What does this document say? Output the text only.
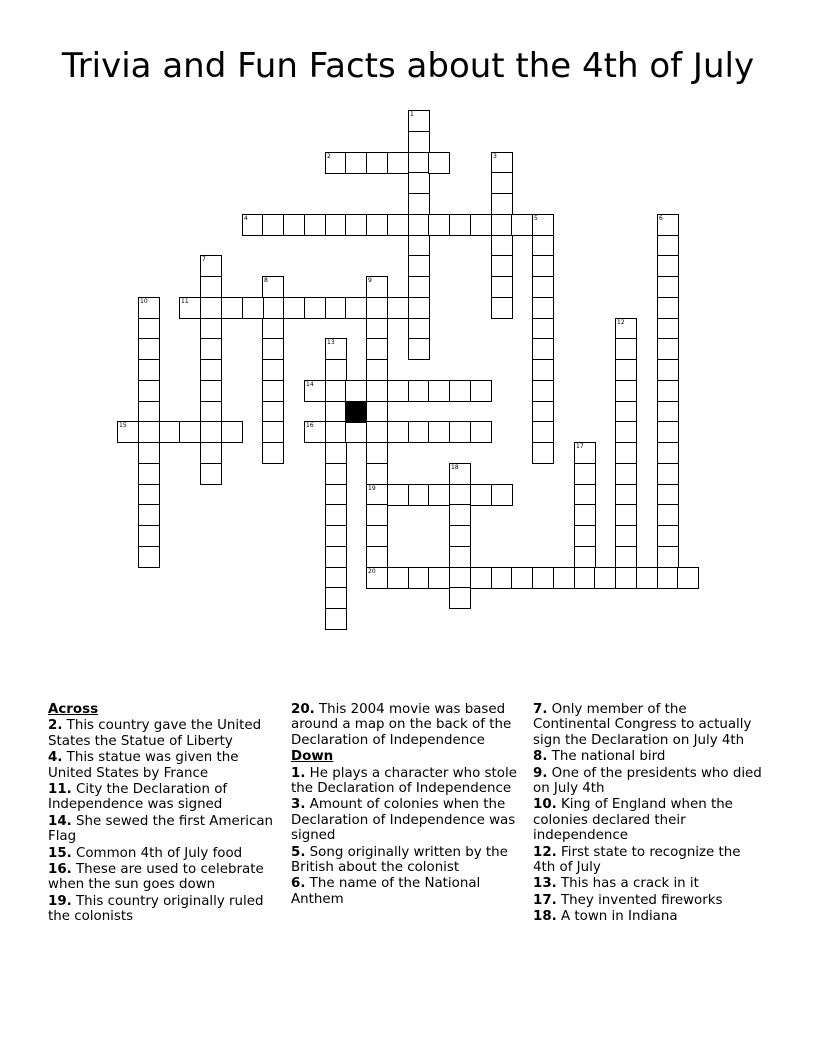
Trivia and Fun Facts about the 4th of July
1
2	3
4	5	6
7
8	9
19
10	11
12
13
14
15	16
17
18
20
Across
2. This country gave the United States the Statue of Liberty
4. This statue was given the United States by France
11. City the Declaration of Independence was signed
14. She sewed the first American Flag
15. Common 4th of July food
16. These are used to celebrate when the sun goes down
19. This country originally ruled the colonists
20. This 2004 movie was based around a map on the back of the Declaration of Independence
Down
1. He plays a character who stole the Declaration of Independence
3. Amount of colonies when the Declaration of Independence was signed
5. Song originally written by the British about the colonist
6. The name of the National Anthem
7. Only member of the Continental Congress to actually sign the Declaration on July 4th
8. The national bird
9. One of the presidents who died on July 4th
10. King of England when the colonies declared their independence
12. First state to recognize the 4th of July
13. This has a crack in it
17. They invented fireworks
18. A town in Indiana
